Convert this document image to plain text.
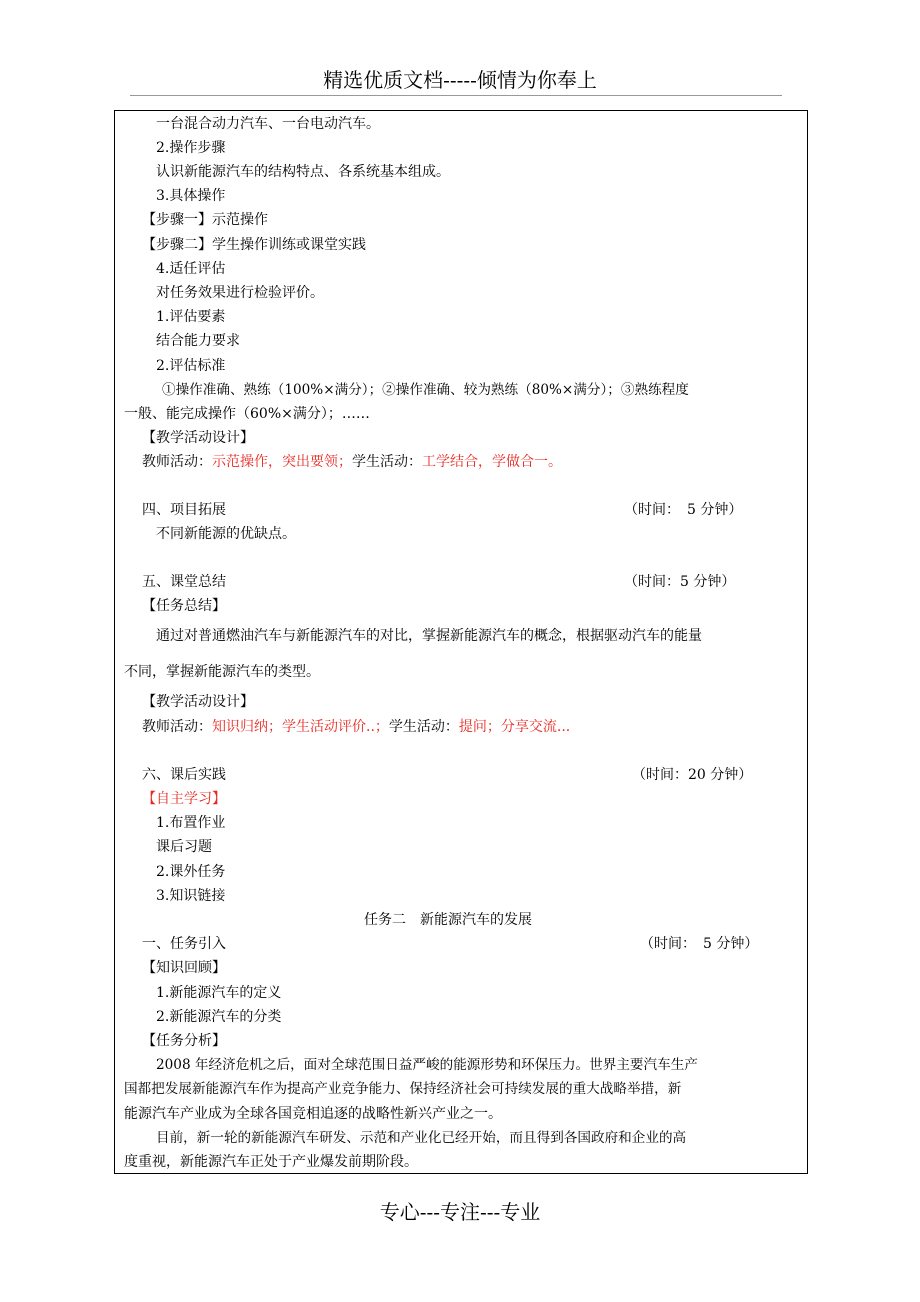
精选优质文档-----倾情为你奉上
一台混合动力汽车、一台电动汽车。
2.操作步骤
认识新能源汽车的结构特点、各系统基本组成。
3.具体操作
【步骤一】示范操作
【步骤二】学生操作训练或课堂实践
4.适任评估
对任务效果进行检验评价。
1.评估要素
结合能力要求
2.评估标准
①操作准确、熟练（100%×满分）；②操作准确、较为熟练（80%×满分）；③熟练程度
一般、能完成操作（60%×满分）；……
【教学活动设计】
教师活动：示范操作，突出要领；学生活动：工学结合，学做合一。
四、项目拓展	（时间：　5 分钟）
不同新能源的优缺点。
五、课堂总结	（时间：5 分钟）
【任务总结】
通过对普通燃油汽车与新能源汽车的对比，掌握新能源汽车的概念，根据驱动汽车的能量
不同，掌握新能源汽车的类型。
【教学活动设计】
教师活动：知识归纳；学生活动评价..；学生活动：提问；分享交流...
六、课后实践	（时间：20 分钟）
【自主学习】
1.布置作业
课后习题
2.课外任务
3.知识链接
任务二　新能源汽车的发展
一、任务引入	（时间：　5 分钟）
【知识回顾】
1.新能源汽车的定义
2.新能源汽车的分类
【任务分析】
2008 年经济危机之后，面对全球范围日益严峻的能源形势和环保压力。世界主要汽车生产
国都把发展新能源汽车作为提高产业竞争能力、保持经济社会可持续发展的重大战略举措，新
能源汽车产业成为全球各国竞相追逐的战略性新兴产业之一。
目前，新一轮的新能源汽车研发、示范和产业化已经开始，而且得到各国政府和企业的高
度重视，新能源汽车正处于产业爆发前期阶段。
专心---专注---专业
